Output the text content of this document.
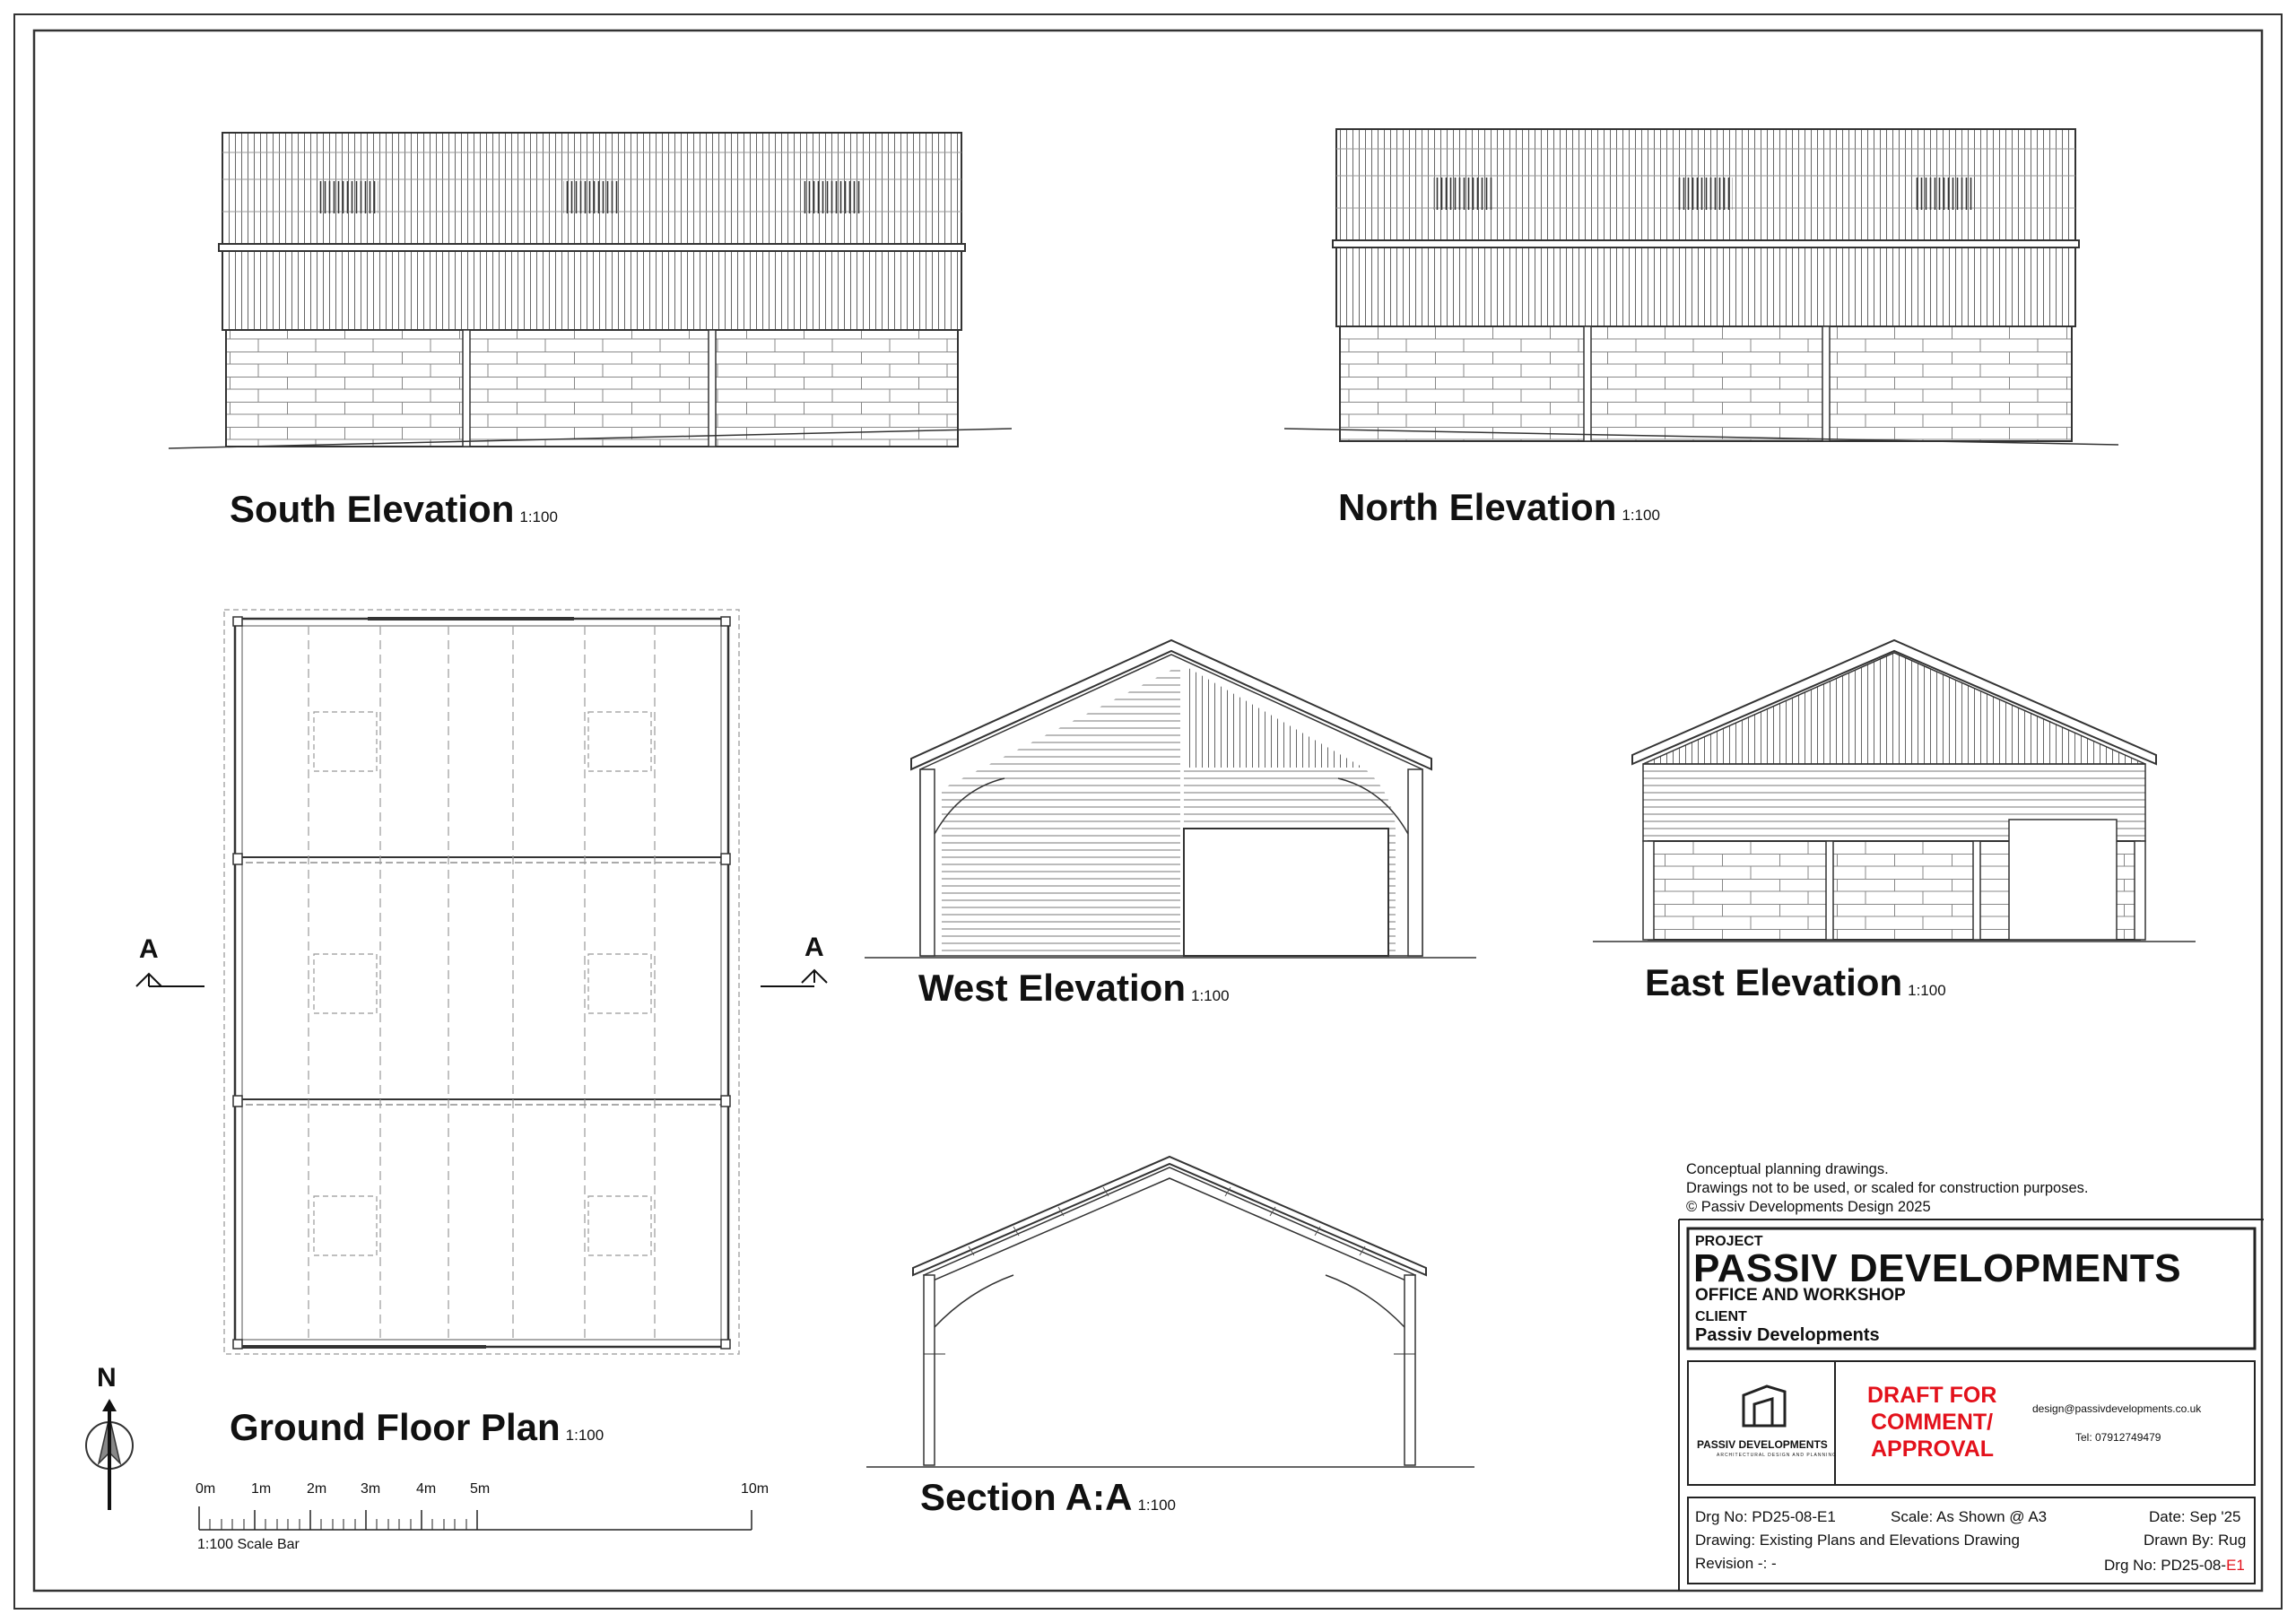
South Elevation 1:100	North Elevation 1:100
Ground Floor Plan 1:100
West Elevation 1:100	East Elevation 1:100
Section A:A 1:100
A	A
N
0m 1m 2m 3m 4m 5m	10m
1:100 Scale Bar
Conceptual planning drawings.
Drawings not to be used, or scaled for construction purposes.
© Passiv Developments Design 2025
PROJECT
PASSIV DEVELOPMENTS
OFFICE AND WORKSHOP
CLIENT
Passiv Developments
PASSIV DEVELOPMENTS
ARCHITECTURAL DESIGN AND PLANNING
DRAFT FOR
COMMENT/
APPROVAL
design@passivdevelopments.co.uk
Tel: 07912749479
Drg No: PD25-08-E1	Scale: As Shown @ A3	Date: Sep '25
Drawing: Existing Plans and Elevations Drawing	Drawn By: Rug
Revision -: -	Drg No: PD25-08-E1
